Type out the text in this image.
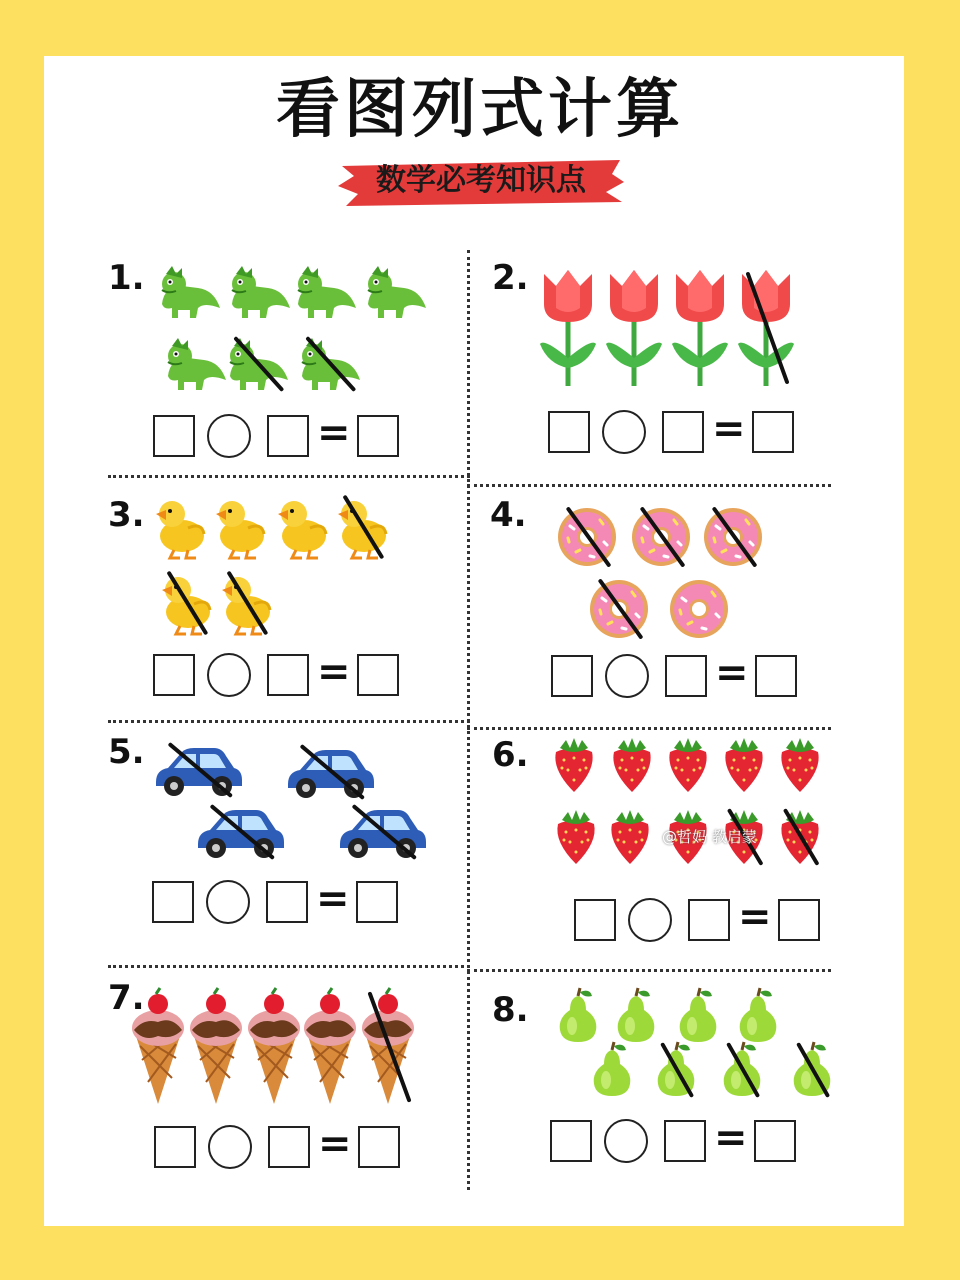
看图列式计算
数学必考知识点
1.	2.
3.	4.
5.	6.
7.	8.
=	=
=	=
=	=
=	=
@哲妈 教启蒙
